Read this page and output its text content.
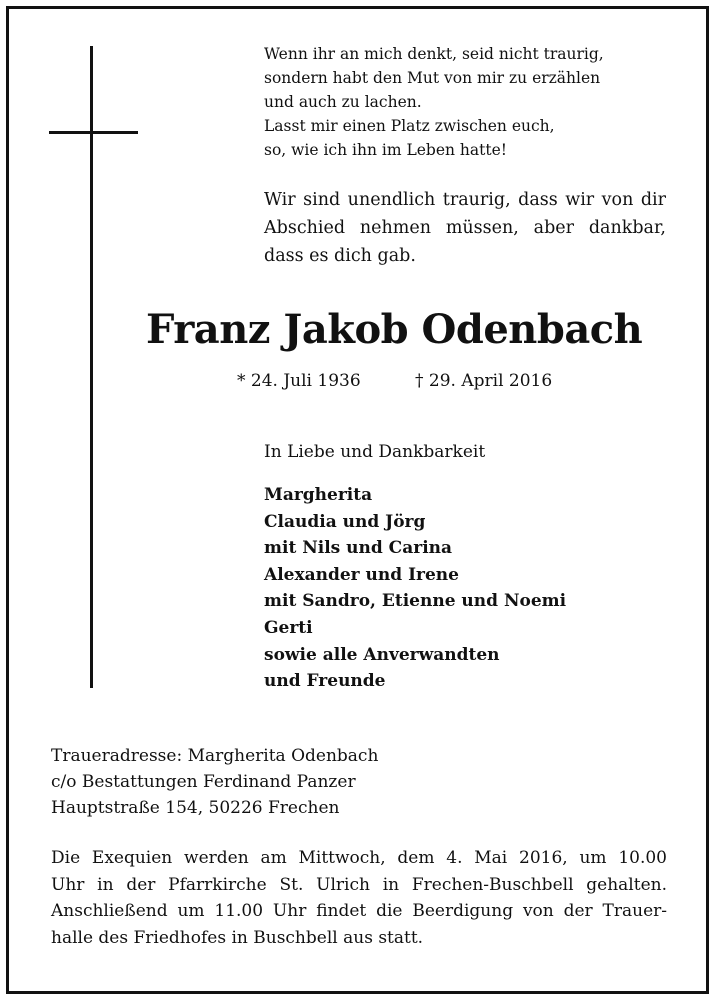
Wenn ihr an mich denkt, seid nicht traurig,
sondern habt den Mut von mir zu erzählen
und auch zu lachen.
Lasst mir einen Platz zwischen euch,
so, wie ich ihn im Leben hatte!
Wir sind unendlich traurig, dass wir von dir
Abschied nehmen müssen, aber dankbar,
dass es dich gab.
Franz Jakob Odenbach
* 24. Juli 1936	† 29. April 2016
In Liebe und Dankbarkeit
Margherita
Claudia und Jörg
mit Nils und Carina
Alexander und Irene
mit Sandro, Etienne und Noemi
Gerti
sowie alle Anverwandten
und Freunde
Traueradresse: Margherita Odenbach
c/o Bestattungen Ferdinand Panzer
Hauptstraße 154, 50226 Frechen
Die Exequien werden am Mittwoch, dem 4. Mai 2016, um 10.00
Uhr in der Pfarrkirche St. Ulrich in Frechen-Buschbell gehalten.
Anschließend um 11.00 Uhr findet die Beerdigung von der Trauer-
halle des Friedhofes in Buschbell aus statt.
